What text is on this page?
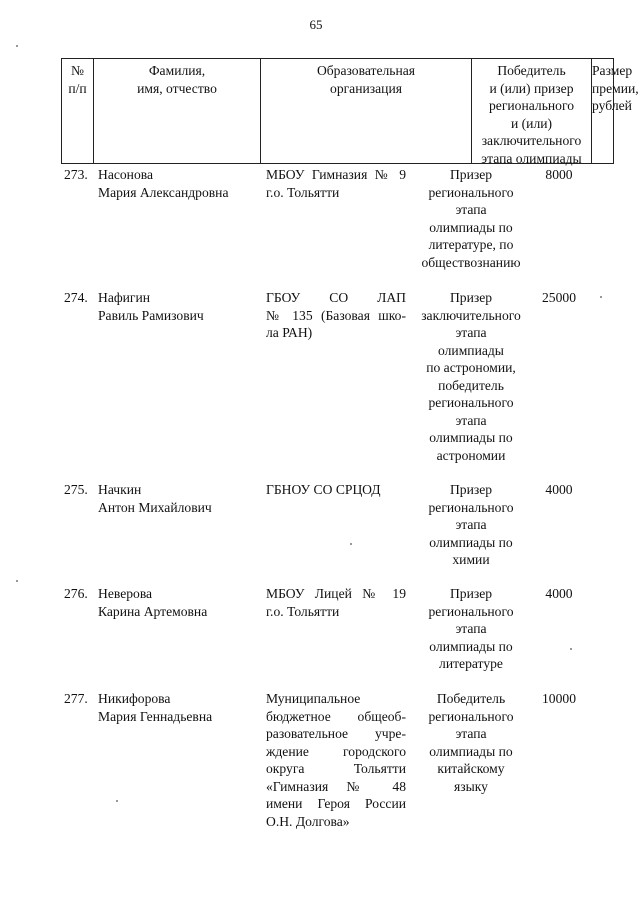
65
№
п/п
Фамилия,
имя, отчество
Образовательная
организация
Победитель
и (или) призер
регионального
и (или)
заключительного
этапа олимпиады
Размер
премии,
рублей
273. Насонова
Мария Александровна
МБОУ Гимназия № 9
г.о. Тольятти
Призер
регионального
этапа
олимпиады по
литературе, по
обществознанию
8000
274. Нафигин
Равиль Рамизович
ГБОУ СО ЛАП
№ 135 (Базовая шко-
ла РАН)
Призер
заключительного
этапа
олимпиады
по астрономии,
победитель
регионального
этапа
олимпиады по
астрономии
25000
275. Начкин
Антон Михайлович
ГБНОУ СО СРЦОД	Призер
регионального
этапа
олимпиады по
химии
4000
276. Неверова
Карина Артемовна
МБОУ Лицей № 19
г.о. Тольятти
Призер
регионального
этапа
олимпиады по
литературе
4000
277. Никифорова
Мария Геннадьевна
Муниципальное
бюджетное общеоб-
разовательное учре-
ждение городского
округа Тольятти
«Гимназия № 48
имени Героя России
О.Н. Долгова»
Победитель
регионального
этапа
олимпиады по
китайскому
языку
10000
